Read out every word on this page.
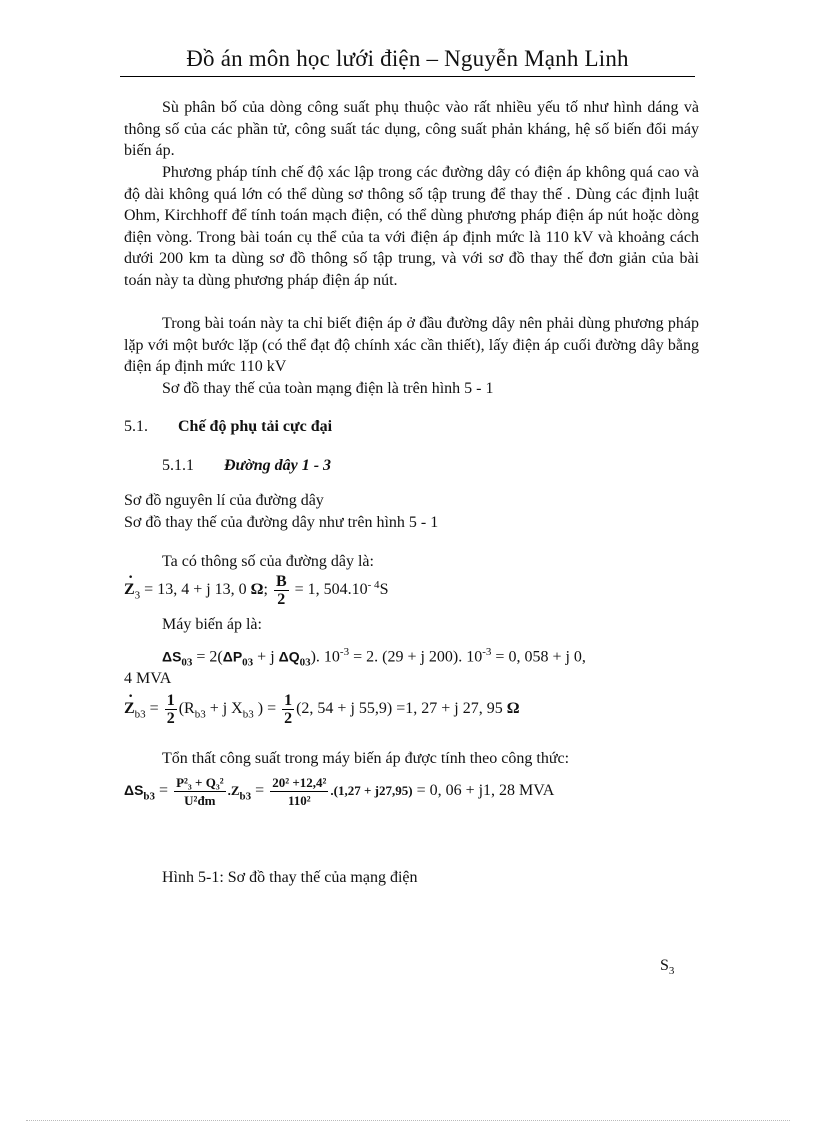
Đồ án môn học lưới điện – Nguyễn Mạnh Linh
Sù phân bố của dòng công suất phụ thuộc vào rất nhiều yếu tố như hình dáng và thông số của các phần tử, công suất tác dụng, công suất phản kháng, hệ số biến đổi máy biến áp.
Phương pháp tính chế độ xác lập trong các đường dây có điện áp không quá cao và độ dài không quá lớn có thể dùng sơ thông số tập trung để thay thế . Dùng các định luật Ohm, Kirchhoff để tính toán mạch điện, có thể dùng phương pháp điện áp nút hoặc dòng điện vòng. Trong bài toán cụ thể của ta với điện áp định mức là 110 kV và khoảng cách dưới 200 km ta dùng sơ đồ thông số tập trung, và với sơ đồ thay thế đơn giản của bài toán này ta dùng phương pháp điện áp nút.
Trong bài toán này ta chỉ biết điện áp ở đầu đường dây nên phải dùng phương pháp lặp với một bước lặp (có thể đạt độ chính xác cần thiết), lấy điện áp cuối đường dây bằng điện áp định mức 110 kV
Sơ đồ thay thế của toàn mạng điện là trên hình 5 - 1
5.1. Chế độ phụ tải cực đại
5.1.1 Đường dây 1 - 3
Sơ đồ nguyên lí của đường dây
Sơ đồ thay thế của đường dây như trên hình 5 - 1
Ta có thông số của đường dây là:
·
$Z_3 = 13$, 4 + j 13, 0 Ω; $\frac{B}{2} = 1$, $504.10^{- 4}S$
Máy biến áp là:
$\Delta S_{03} = 2(\Delta P_{03} + j$ $\Delta Q_{03}$). $10^{-3} = 2$. (29 + j 200). $10^{-3} = 0$, 058 + j 0,
4 MVA
·
$Z_{b3} = \frac{1}{2} (R_{b3} + j$ $X_{b3}$ ) = $\frac{1}{2} (2$, 54 + j 55,9) =1, 27 + j 27, 95 Ω
Tổn thất công suất trong máy biến áp được tính theo công thức:
$\Delta S_{b3} = \frac{\text{P²₃ + Q₃²}}{\text{U²đm}} .Z_{b3} = \frac{\text{20² +12,4²}}{\text{110²}} .(1,27 + j27,95) = 0$, 06 + j1, 28 MVA
Hình 5-1: Sơ đồ thay thế của mạng điện
$S_3$
